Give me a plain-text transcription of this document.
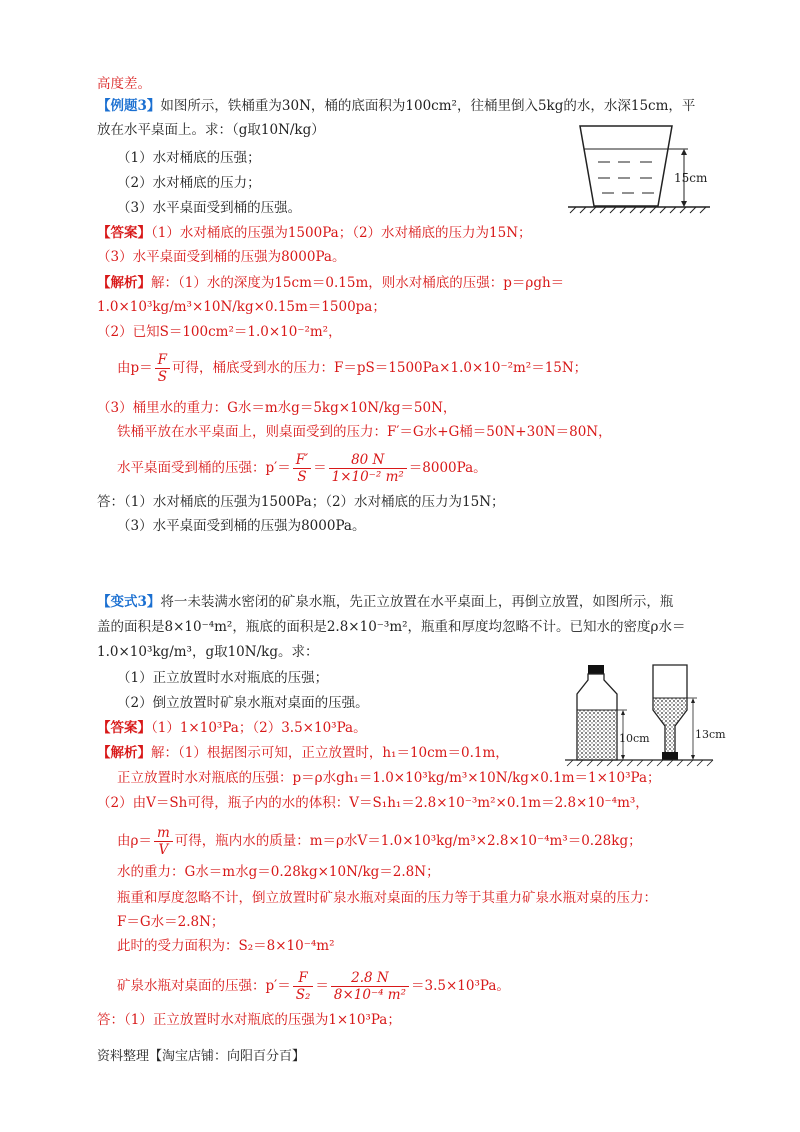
高度差。
【例题3】如图所示，铁桶重为30N，桶的底面积为100cm²，往桶里倒入5kg的水，水深15cm，平
放在水平桌面上。求：（g取10N/kg）
（1）水对桶底的压强；
（2）水对桶底的压力；
（3）水平桌面受到桶的压强。
【答案】（1）水对桶底的压强为1500Pa；（2）水对桶底的压力为15N；
（3）水平桌面受到桶的压强为8000Pa。
【解析】解：（1）水的深度为15cm＝0.15m，则水对桶底的压强：p＝ρgh＝
1.0×10³kg/m³×10N/kg×0.15m＝1500pa；
（2）已知S＝100cm²＝1.0×10⁻²m²，
由$p= \frac{F}{S}$ 可得，桶底受到水的压力：F＝pS＝1500Pa×1.0×10⁻²m²＝15N；
（3）桶里水的重力：G水＝m水g＝5kg×10N/kg＝50N，
铁桶平放在水平桌面上，则桌面受到的压力：F′＝G水+G桶＝50N+30N＝80N，
水平桌面受到桶的压强：$p'= \frac{F'}{S} = \frac{80 N}{\text{1×10⁻² m²}} =8000Pa$。
答：（1）水对桶底的压强为1500Pa；（2）水对桶底的压力为15N；
（3）水平桌面受到桶的压强为8000Pa。
15cm
【变式3】将一未装满水密闭的矿泉水瓶，先正立放置在水平桌面上，再倒立放置，如图所示，瓶
盖的面积是8×10⁻⁴m²，瓶底的面积是2.8×10⁻³m²，瓶重和厚度均忽略不计。已知水的密度ρ水＝
1.0×10³kg/m³，g取10N/kg。求：
（1）正立放置时水对瓶底的压强；
（2）倒立放置时矿泉水瓶对桌面的压强。
【答案】（1）1×10³Pa；（2）3.5×10³Pa。
【解析】解：（1）根据图示可知，正立放置时，h₁＝10cm＝0.1m，
正立放置时水对瓶底的压强：p＝ρ水gh₁＝1.0×10³kg/m³×10N/kg×0.1m＝1×10³Pa；
（2）由V＝Sh可得，瓶子内的水的体积：V＝S₁h₁＝2.8×10⁻³m²×0.1m＝2.8×10⁻⁴m³，
由$\rho= \frac{m}{V}$ 可得，瓶内水的质量：m＝ρ水V＝1.0×10³kg/m³×2.8×10⁻⁴m³＝0.28kg；
水的重力：G水＝m水g＝0.28kg×10N/kg＝2.8N；
瓶重和厚度忽略不计，倒立放置时矿泉水瓶对桌面的压力等于其重力矿泉水瓶对桌的压力：
F＝G水＝2.8N；
此时的受力面积为：S₂＝8×10⁻⁴m²
矿泉水瓶对桌面的压强：$p'= \frac{F}{\text{S₂}} = \frac{2.8 N}{\text{8×10⁻⁴ m²}} =3.5\times 10^3Pa$。
答：（1）正立放置时水对瓶底的压强为1×10³Pa；
10cm	13cm
资料整理【淘宝店铺：向阳百分百】
